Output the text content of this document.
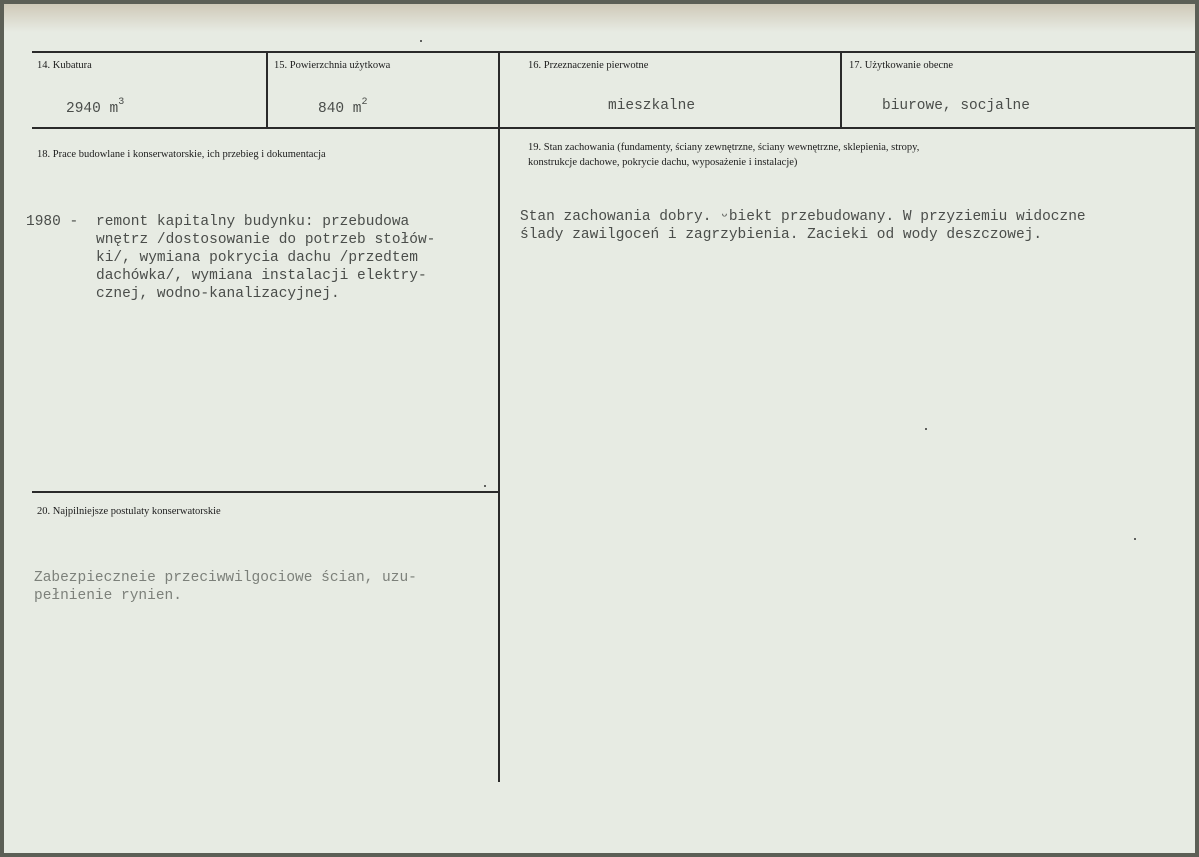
14. Kubatura
2940 $m^3$
15. Powierzchnia użytkowa
840 $m^2$
16. Przeznaczenie pierwotne
mieszkalne
17. Użytkowanie obecne
biurowe, socjalne
18. Prace budowlane i konserwatorskie, ich przebieg i dokumentacja
1980 - remont kapitalny budynku: przebudowa
wnętrz /dostosowanie do potrzeb stołów-
ki/, wymiana pokrycia dachu /przedtem
dachówka/, wymiana instalacji elektry-
cznej, wodno-kanalizacyjnej.
19. Stan zachowania (fundamenty, ściany zewnętrzne, ściany wewnętrzne, sklepienia, stropy,
konstrukcje dachowe, pokrycie dachu, wyposażenie i instalacje)
Stan zachowania dobry. ᵕbiekt przebudowany. W przyziemiu widoczne
ślady zawilgoceń i zagrzybienia. Zacieki od wody deszczowej.
20. Najpilniejsze postulaty konserwatorskie
Zabezpieczneie przeciwwilgociowe ścian, uzu-
pełnienie rynien.
